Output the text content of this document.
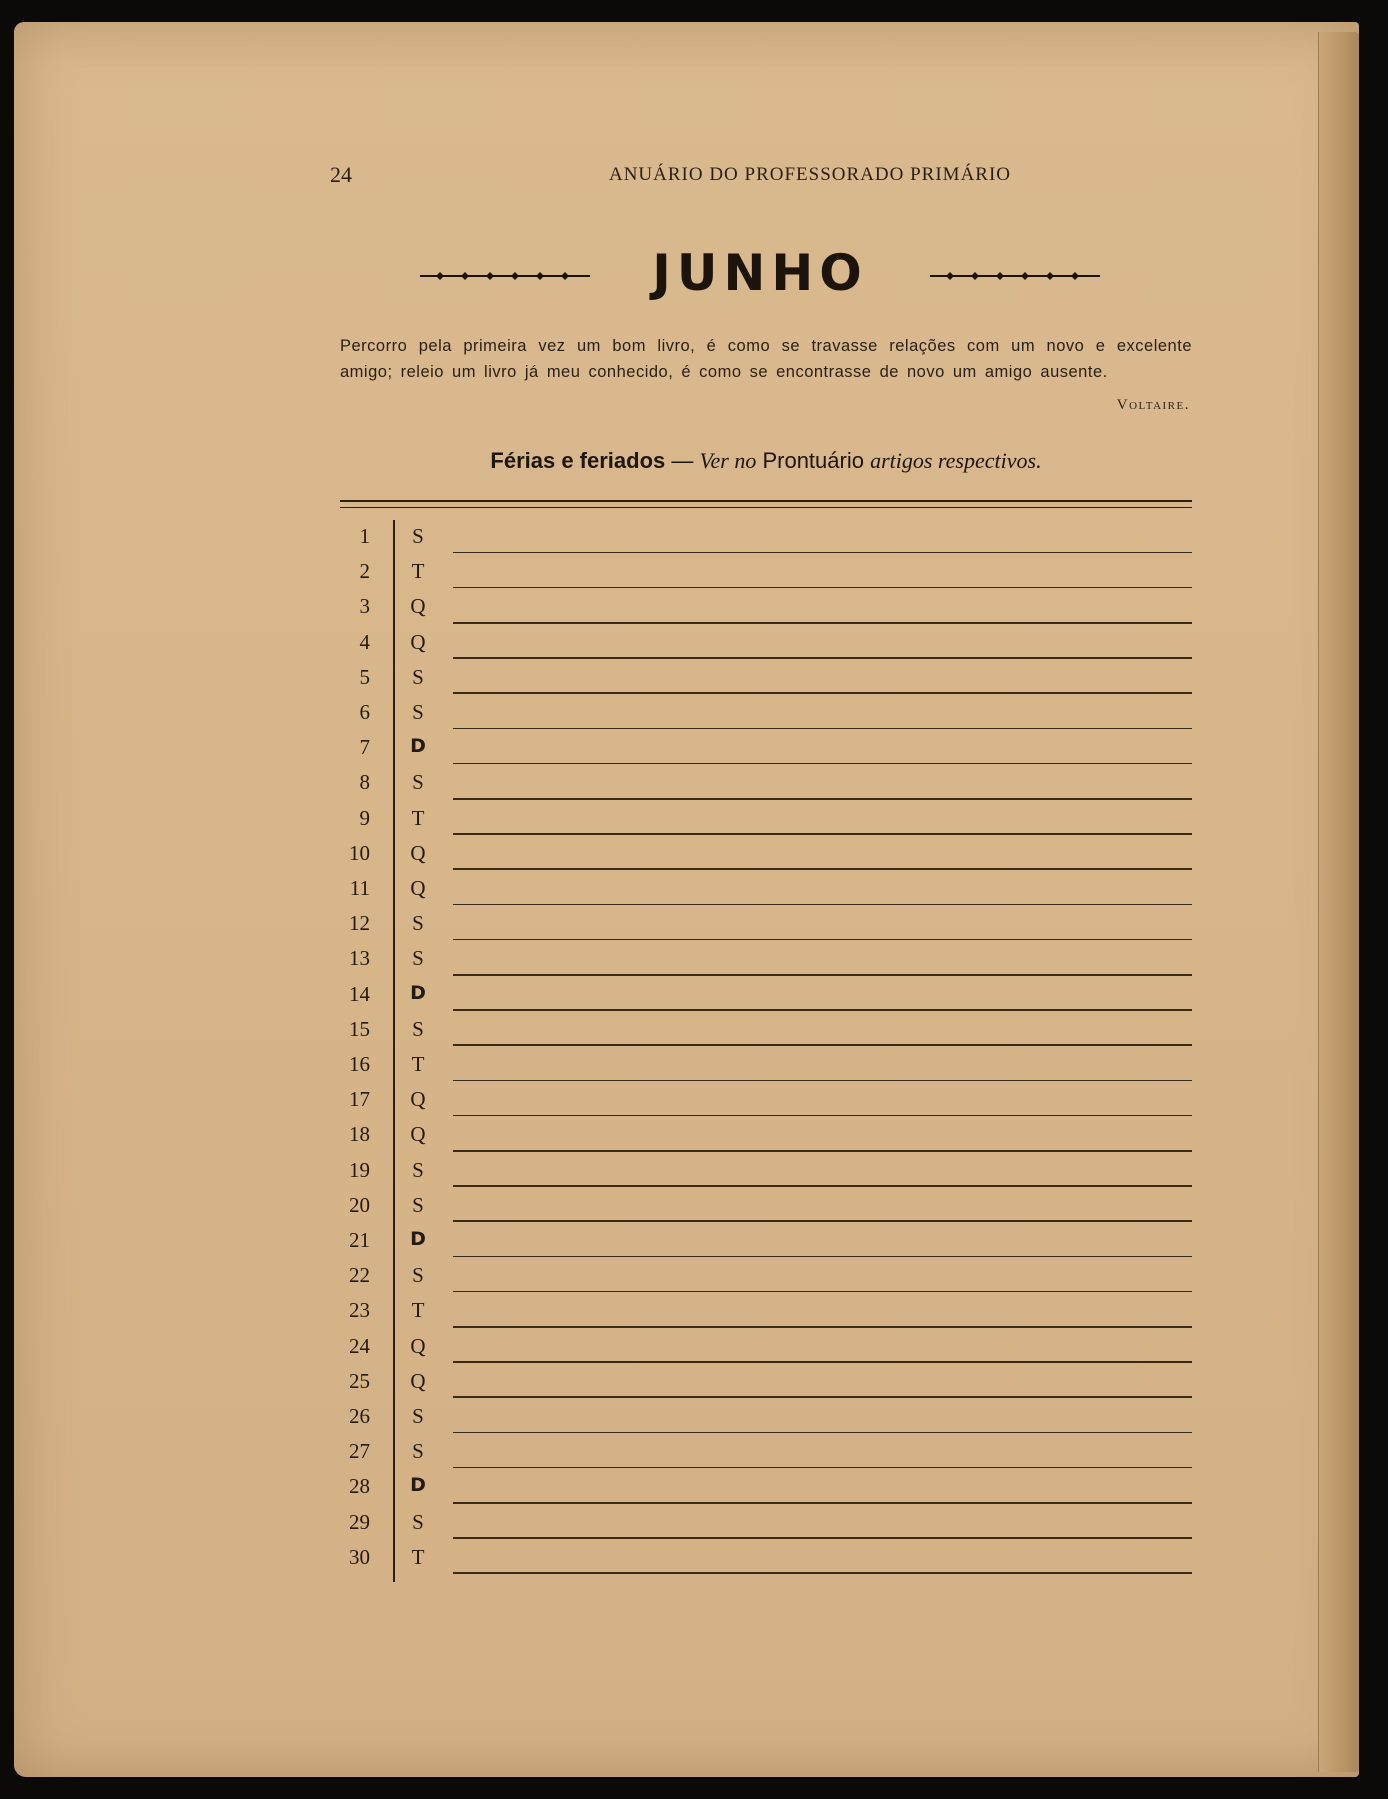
24	ANUÁRIO DO PROFESSORADO PRIMÁRIO
JUNHO
Percorro pela primeira vez um bom livro, é como se travasse relações com um novo e excelente amigo; releio um livro já meu conhecido, é como se encontrasse de novo um amigo ausente.
Voltaire.
Férias e feriados — Ver no Prontuário artigos respectivos.
1 S
2 T
3 Q
4 Q
5 S
6 S
7 D
8 S
9 T
10 Q
11 Q
12 S
13 S
14 D
15 S
16 T
17 Q
18 Q
19 S
20 S
21 D
22 S
23 T
24 Q
25 Q
26 S
27 S
28 D
29 S
30 T
